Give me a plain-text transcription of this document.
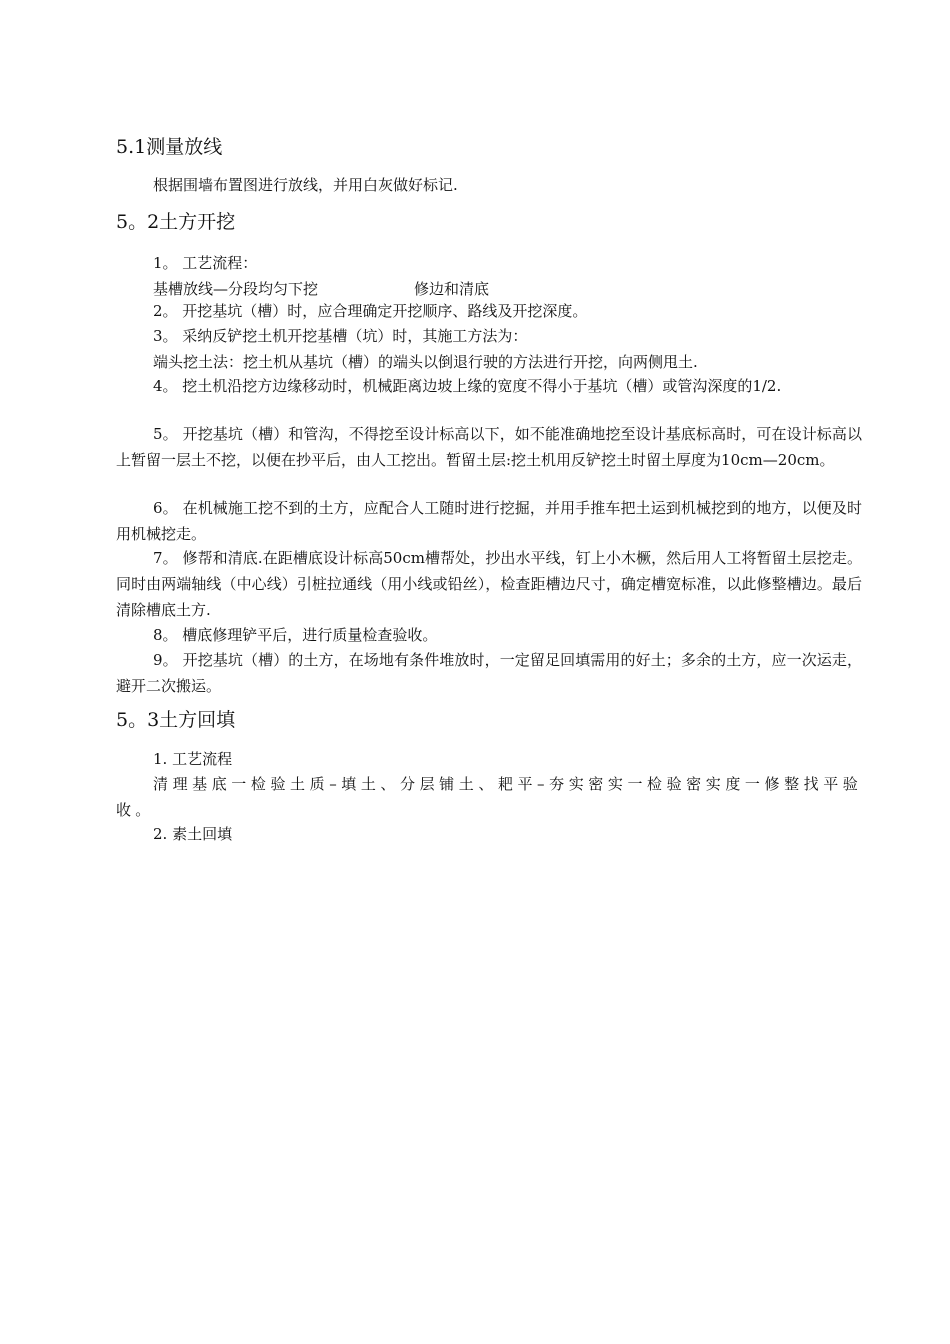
5.1测量放线
根据围墙布置图进行放线，并用白灰做好标记.
5。2土方开挖
1。 工艺流程：
基槽放线—分段均匀下挖	修边和清底
2。 开挖基坑（槽）时，应合理确定开挖顺序、路线及开挖深度。
3。 采纳反铲挖土机开挖基槽（坑）时，其施工方法为：
端头挖土法：挖土机从基坑（槽）的端头以倒退行驶的方法进行开挖，向两侧甩土.
4。 挖土机沿挖方边缘移动时，机械距离边坡上缘的宽度不得小于基坑（槽）或管沟深度的1/2.
5。 开挖基坑（槽）和管沟，不得挖至设计标高以下，如不能准确地挖至设计基底标高时，可在设计标高以上暂留一层土不挖，以便在抄平后，由人工挖出。暂留土层:挖土机用反铲挖土时留土厚度为10cm—20cm。
6。 在机械施工挖不到的土方，应配合人工随时进行挖掘，并用手推车把土运到机械挖到的地方，以便及时用机械挖走。
7。 修帮和清底.在距槽底设计标高50cm槽帮处，抄出水平线，钉上小木橛，然后用人工将暂留土层挖走。同时由两端轴线（中心线）引桩拉通线（用小线或铅丝），检查距槽边尺寸，确定槽宽标准，以此修整槽边。最后清除槽底土方.
8。 槽底修理铲平后，进行质量检查验收。
9。 开挖基坑（槽）的土方，在场地有条件堆放时，一定留足回填需用的好土；多余的土方，应一次运走，避开二次搬运。
5。3土方回填
1. 工艺流程
清理基底一检验土质–填土、分层铺土、耙平–夯实密实一检验密实度一修整找平验收。
2. 素土回填
